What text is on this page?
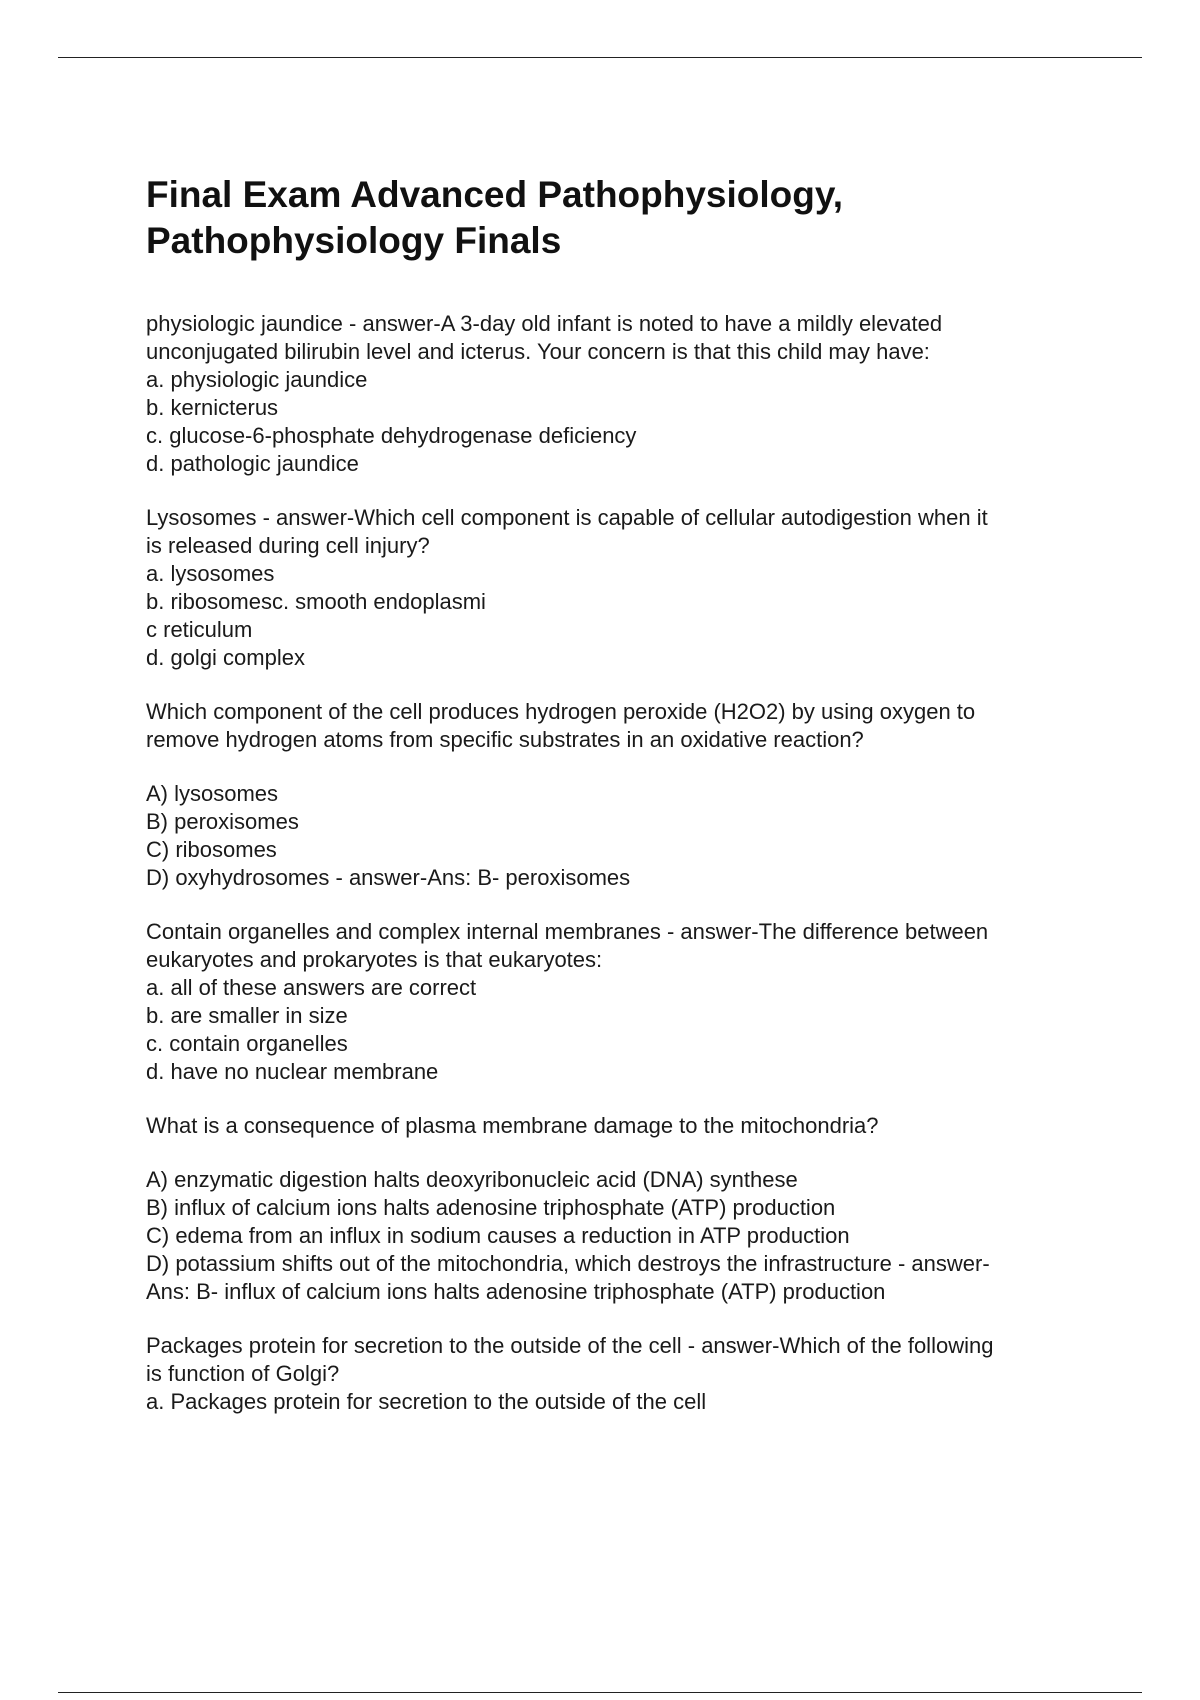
Final Exam Advanced Pathophysiology,
Pathophysiology Finals
physiologic jaundice - answer-A 3-day old infant is noted to have a mildly elevated
unconjugated bilirubin level and icterus. Your concern is that this child may have:
a. physiologic jaundice
b. kernicterus
c. glucose-6-phosphate dehydrogenase deficiency
d. pathologic jaundice
Lysosomes - answer-Which cell component is capable of cellular autodigestion when it
is released during cell injury?
a. lysosomes
b. ribosomesc. smooth endoplasmi
c reticulum
d. golgi complex
Which component of the cell produces hydrogen peroxide (H2O2) by using oxygen to
remove hydrogen atoms from specific substrates in an oxidative reaction?
A) lysosomes
B) peroxisomes
C) ribosomes
D) oxyhydrosomes - answer-Ans: B- peroxisomes
Contain organelles and complex internal membranes - answer-The difference between
eukaryotes and prokaryotes is that eukaryotes:
a. all of these answers are correct
b. are smaller in size
c. contain organelles
d. have no nuclear membrane
What is a consequence of plasma membrane damage to the mitochondria?
A) enzymatic digestion halts deoxyribonucleic acid (DNA) synthese
B) influx of calcium ions halts adenosine triphosphate (ATP) production
C) edema from an influx in sodium causes a reduction in ATP production
D) potassium shifts out of the mitochondria, which destroys the infrastructure - answer-
Ans: B- influx of calcium ions halts adenosine triphosphate (ATP) production
Packages protein for secretion to the outside of the cell - answer-Which of the following
is function of Golgi?
a. Packages protein for secretion to the outside of the cell
